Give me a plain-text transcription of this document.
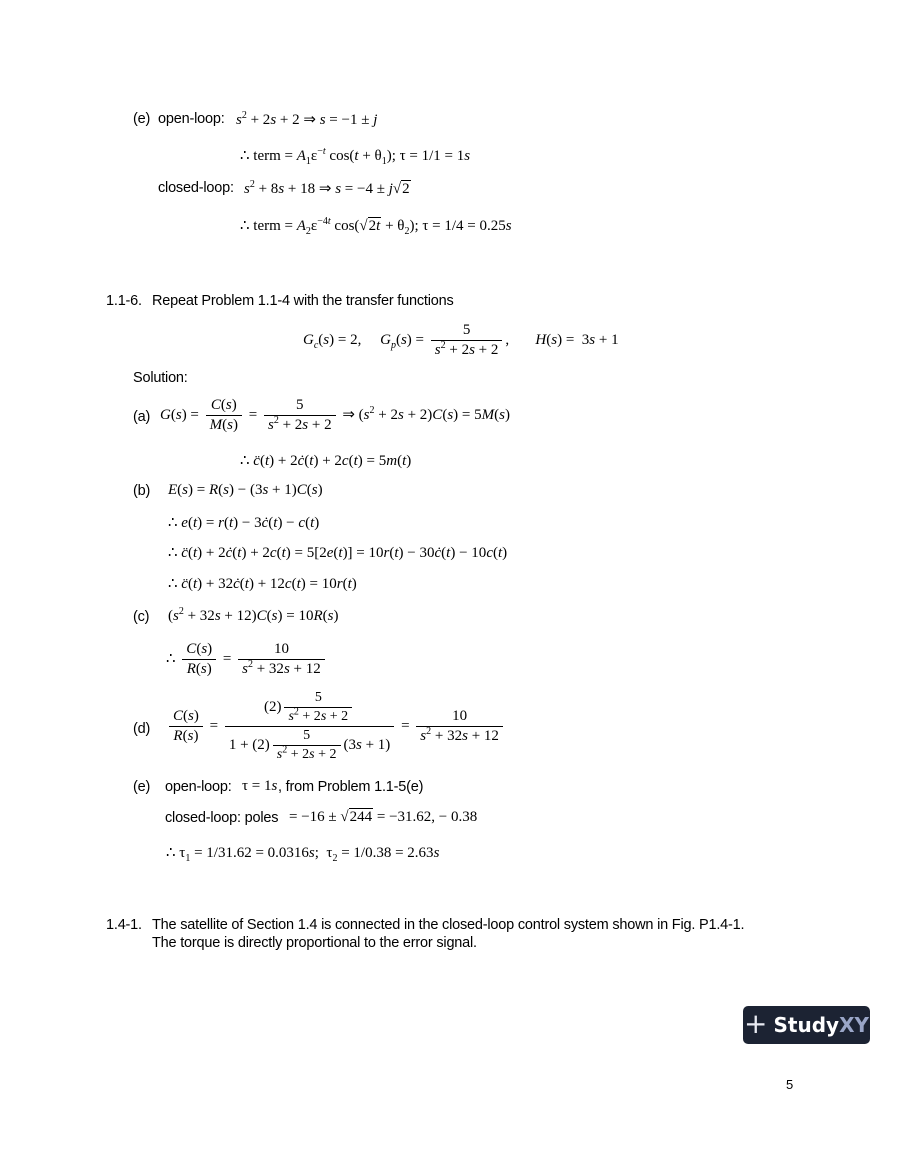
(e) open-loop: $s^2 + 2s + 2$ ⇒ s = −1 ± j
∴ term = $A_1\varepsilon^{-t}$ $\cos(t + \theta_1)$; τ = 1/1 = 1s
closed-loop: $s^2 + 8s + 18$ ⇒ s = −4 ± j√2
∴ term = $A_2\varepsilon^{-4t}$ $\cos(√2t + \theta_2)$; τ = 1/4 = 0.25s
1.1-6. Repeat Problem 1.1-4 with the transfer functions
$G_c(s) = 2$,     $G_p(s) = \frac{5}{s^2 + 2s + 2}$ ,       H(s) =  3s + 1
Solution:
(a) $G(s) = \frac{C(s)}{M(s)} = \frac{5}{s^2 + 2s + 2}$ ⇒ $(s^2 + 2s + 2)C(s) = 5M(s)$
∴ c̈(t) + 2ċ(t) + 2c(t) = 5m(t)
(b) E(s) = R(s) − (3s + 1)C(s)
∴ e(t) = r(t) − 3ċ(t) − c(t)
∴ c̈(t) + 2ċ(t) + 2c(t) = 5[2e(t)] = 10r(t) − 30ċ(t) − 10c(t)
∴ c̈(t) + 32ċ(t) + 12c(t) = 10r(t)
(c) $(s^2 + 32s + 12)C(s) = 10R(s)$
∴ $\frac{C(s)}{R(s)} = \frac{10}{s^2 + 32s + 12}$
$(d) \frac{C(s)}{R(s)} = \frac{(2) \frac{5}{s^2 + 2s + 2}}{1 + (2) \frac{5}{s^2 + 2s + 2} (3s + 1)} = \frac{10}{s^2 + 32s + 12}$
(e) open-loop: τ = 1s , from Problem 1.1-5(e)
closed-loop: poles = −16 ± √244 = −31.62, − 0.38
∴ $\tau_1 = 1/31.62 = 0.0316s$;  $\tau_2 = 1/0.38 = 2.63s$
1.4-1. The satellite of Section 1.4 is connected in the closed-loop control system shown in Fig. P1.4-1.
The torque is directly proportional to the error signal.
+ StudyXY
5
